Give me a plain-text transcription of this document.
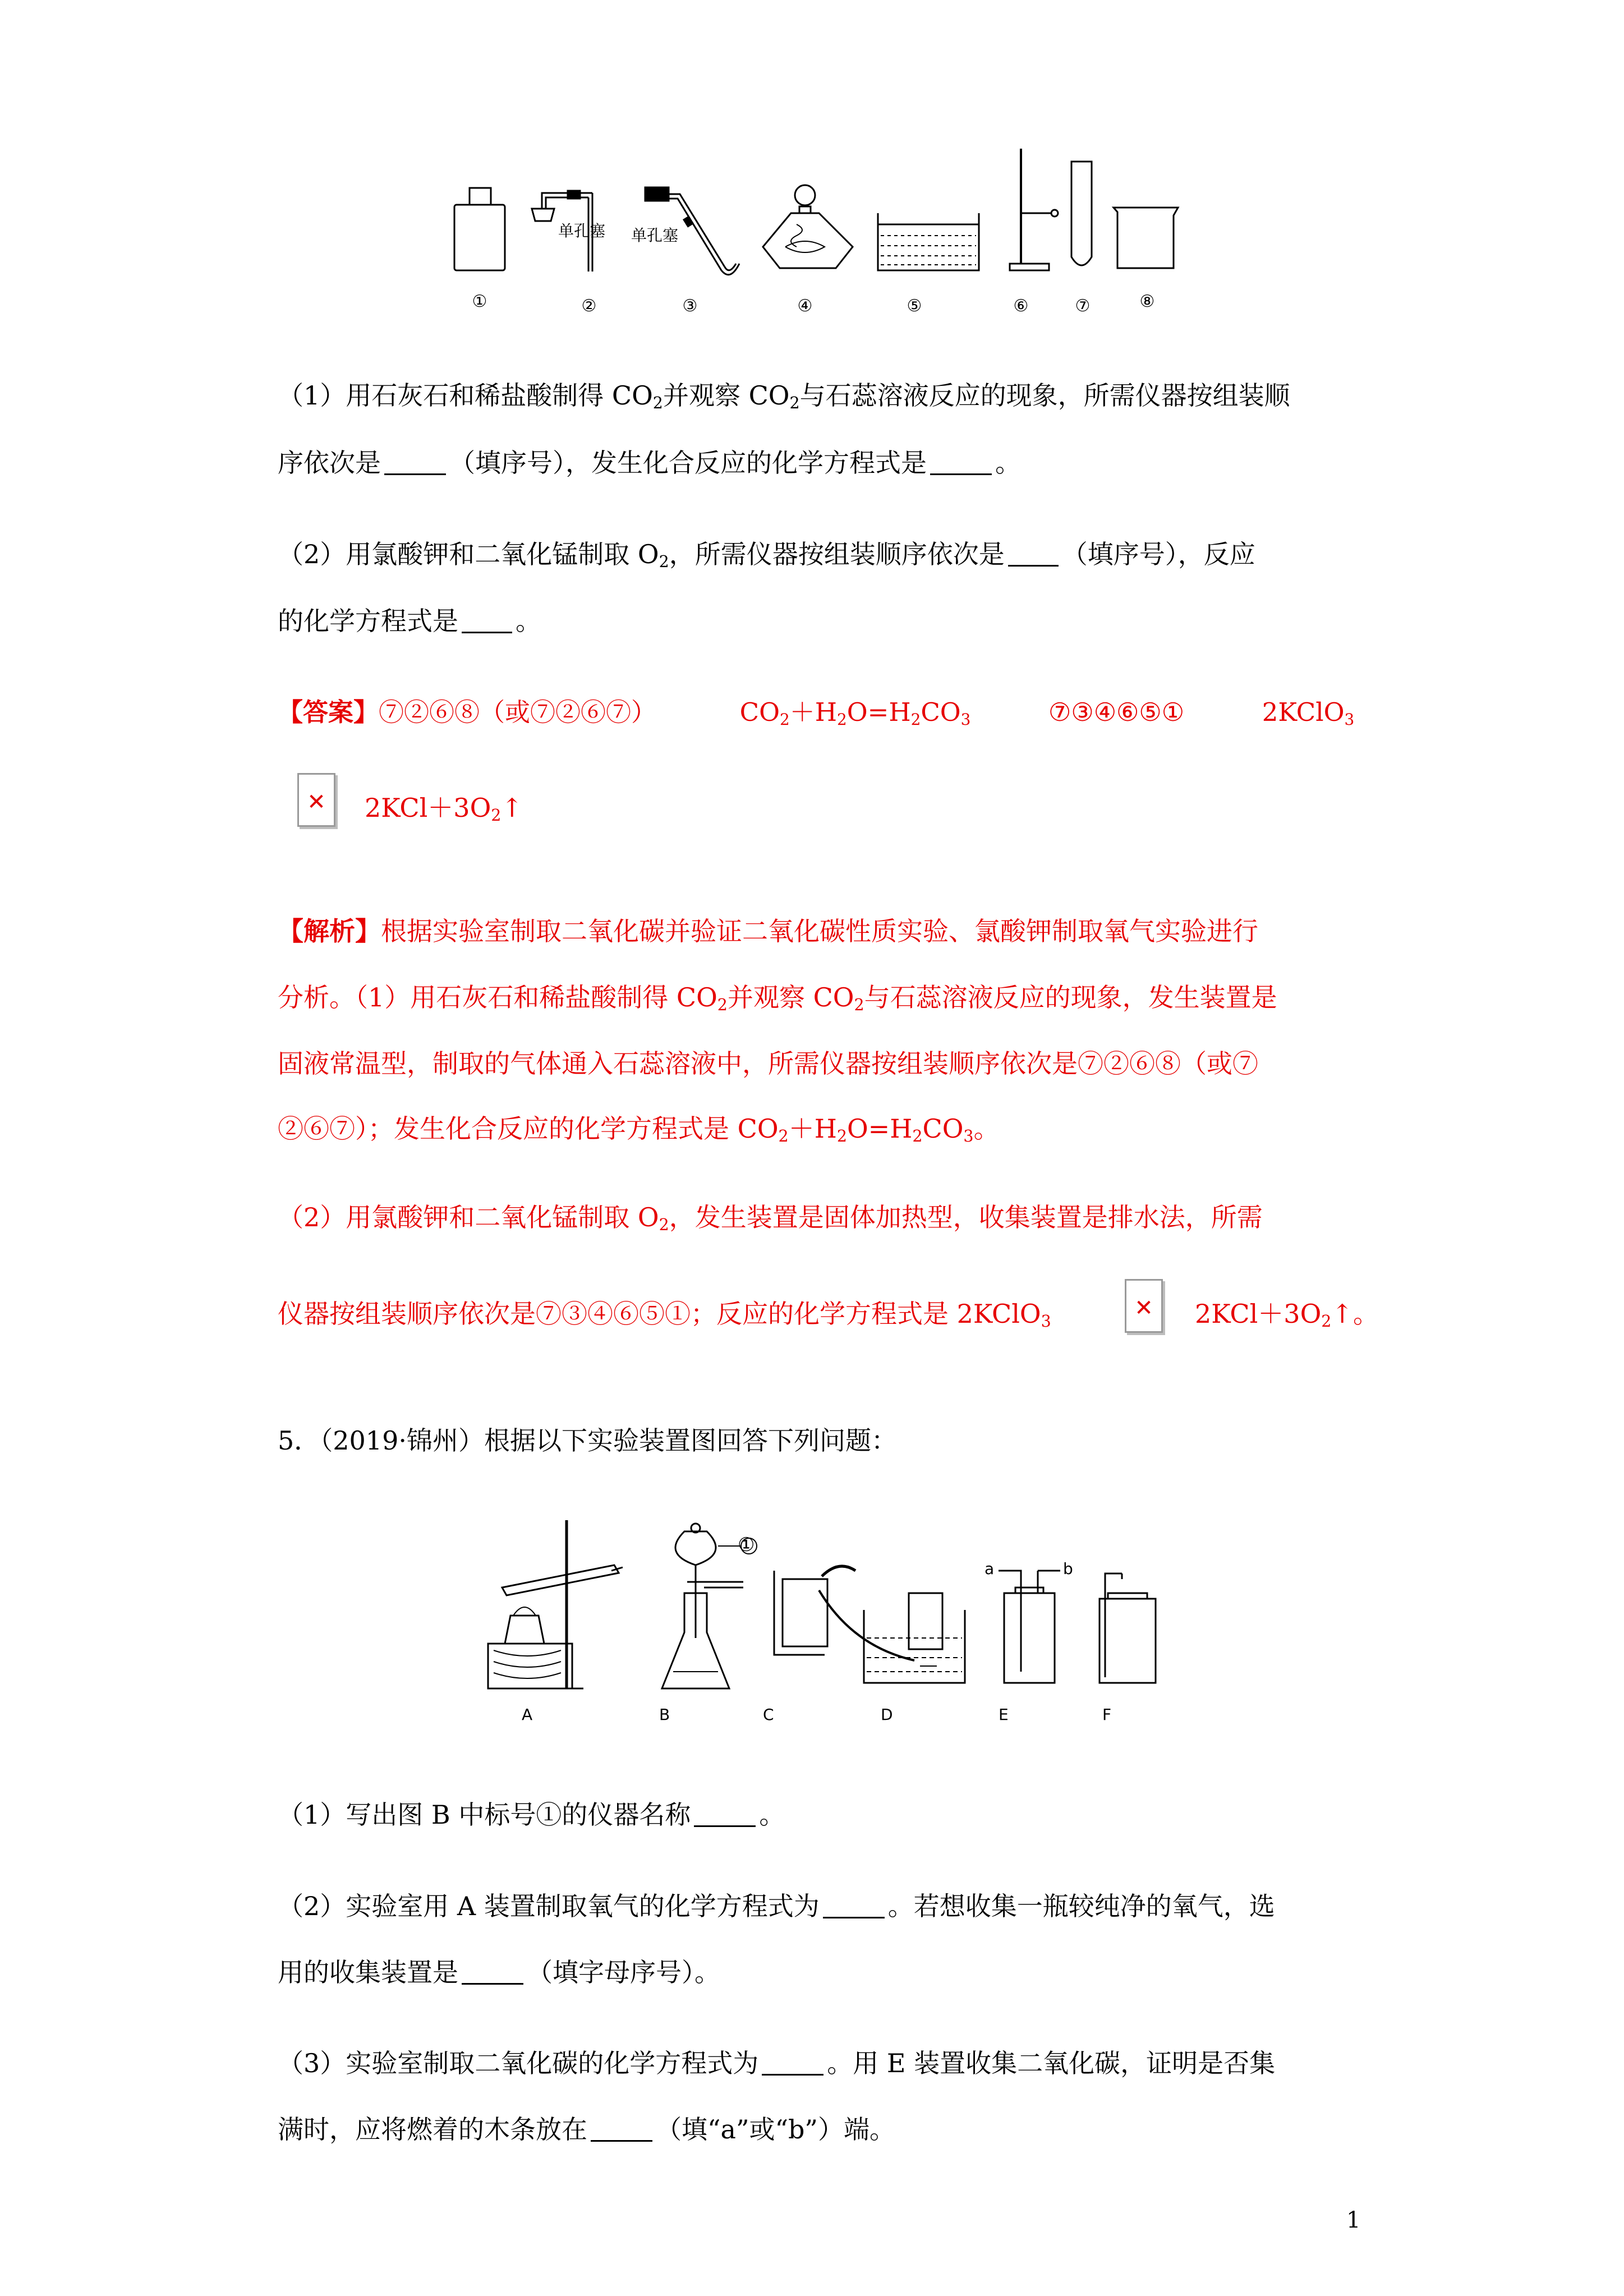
单孔塞 单孔塞
①	②	③	④	⑤	⑥	⑦	⑧
（1）用石灰石和稀盐酸制得 $CO_2$并观察 $CO_2$与石蕊溶液反应的现象，所需仪器按组装顺
序依次是	（填序号），发生化合反应的化学方程式是	。
（2）用氯酸钾和二氧化锰制取 $O_2$，所需仪器按组装顺序依次是 （填序号），反应
的化学方程式是 。
【答案】⑦②⑥⑧（或⑦②⑥⑦）	$CO_2+H_2O=H_2CO_3$	⑦③④⑥⑤①	2KClO$_3$
✕	$2KCl+3O_2↑$
【解析】根据实验室制取二氧化碳并验证二氧化碳性质实验、氯酸钾制取氧气实验进行
分析。（1）用石灰石和稀盐酸制得 $CO_2$并观察 $CO_2$与石蕊溶液反应的现象，发生装置是
固液常温型，制取的气体通入石蕊溶液中，所需仪器按组装顺序依次是⑦②⑥⑧（或⑦
②⑥⑦）；发生化合反应的化学方程式是 $CO_2+H_2O=H_2CO_3$。
（2）用氯酸钾和二氧化锰制取 $O_2$，发生装置是固体加热型，收集装置是排水法，所需
仪器按组装顺序依次是⑦③④⑥⑤①；反应的化学方程式是 2KClO$_3$
✕	$2KCl+3O_2↑$。
5．（2019·锦州）根据以下实验装置图回答下列问题：
①
a	b
A	B	C	D	E	F
（1）写出图 B 中标号①的仪器名称	。
（2）实验室用 A 装置制取氧气的化学方程式为	。若想收集一瓶较纯净的氧气，选
用的收集装置是	（填字母序号）。
（3）实验室制取二氧化碳的化学方程式为	。用 E 装置收集二氧化碳，证明是否集
满时，应将燃着的木条放在	（填“a”或“b”）端。
1
